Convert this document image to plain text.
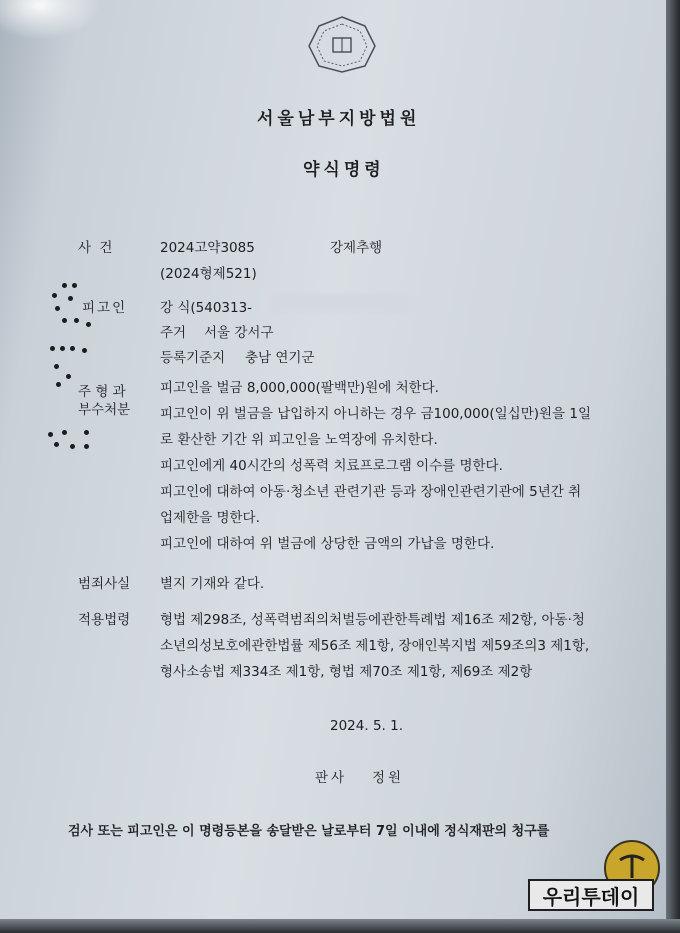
서울남부지방법원
약식명령
사 건	2024고약3085	강제추행
(2024형제521)
피고인 강 식(540313-
주거 서울 강서구
등록기준지 충남 연기군
주 형 과
부수처분
피고인을 벌금 8,000,000(팔백만)원에 처한다.
피고인이 위 벌금을 납입하지 아니하는 경우 금100,000(일십만)원을 1일
로 환산한 기간 위 피고인을 노역장에 유치한다.
피고인에게 40시간의 성폭력 치료프로그램 이수를 명한다.
피고인에 대하여 아동·청소년 관련기관 등과 장애인관련기관에 5년간 취
업제한을 명한다.
피고인에 대하여 위 벌금에 상당한 금액의 가납을 명한다.
범죄사실 별지 기재와 같다.
적용법령 형법 제298조, 성폭력범죄의처벌등에관한특례법 제16조 제2항, 아동·청
소년의성보호에관한법률 제56조 제1항, 장애인복지법 제59조의3 제1항,
형사소송법 제334조 제1항, 형법 제70조 제1항, 제69조 제2항
2024. 5. 1.
판사 정원
검사 또는 피고인은 이 명령등본을 송달받은 날로부터 7일 이내에 정식재판의 청구를
우리투데이
